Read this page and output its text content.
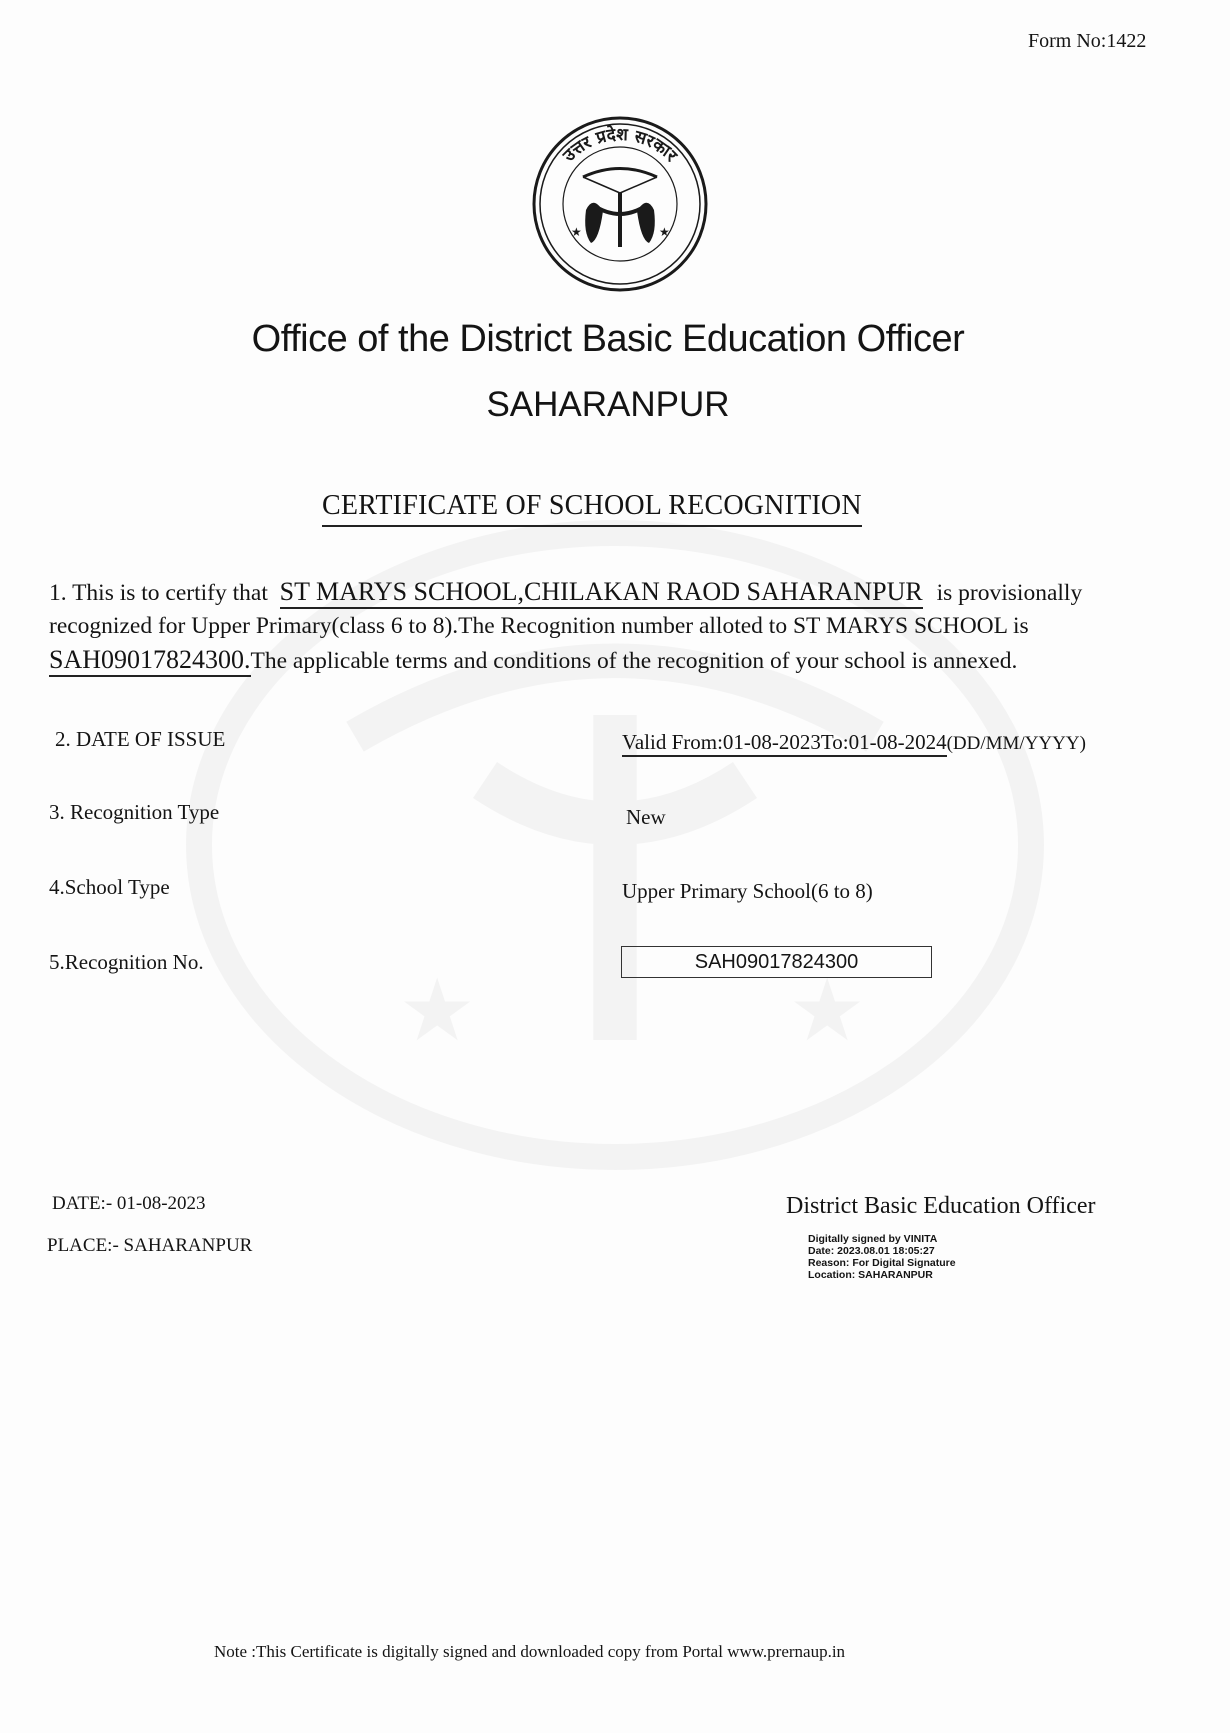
Form No:1422
उत्तर प्रदेश सरकार
★	★
Office of the District Basic Education Officer
SAHARANPUR
CERTIFICATE OF SCHOOL RECOGNITION
1. This is to certify that ST MARYS SCHOOL,CHILAKAN RAOD SAHARANPUR is provisionally
recognized for Upper Primary(class 6 to 8).The Recognition number alloted to ST MARYS SCHOOL is
SAH09017824300.The applicable terms and conditions of the recognition of your school is annexed.
2. DATE OF ISSUE	Valid From:01-08-2023To:01-08-2024(DD/MM/YYYY)
3. Recognition Type	New
4.School Type	Upper Primary School(6 to 8)
5.Recognition No.	SAH09017824300
DATE:- 01-08-2023
PLACE:- SAHARANPUR
District Basic Education Officer
Digitally signed by VINITA
Date: 2023.08.01 18:05:27
Reason: For Digital Signature
Location: SAHARANPUR
Note :This Certificate is digitally signed and downloaded copy from Portal www.prernaup.in
